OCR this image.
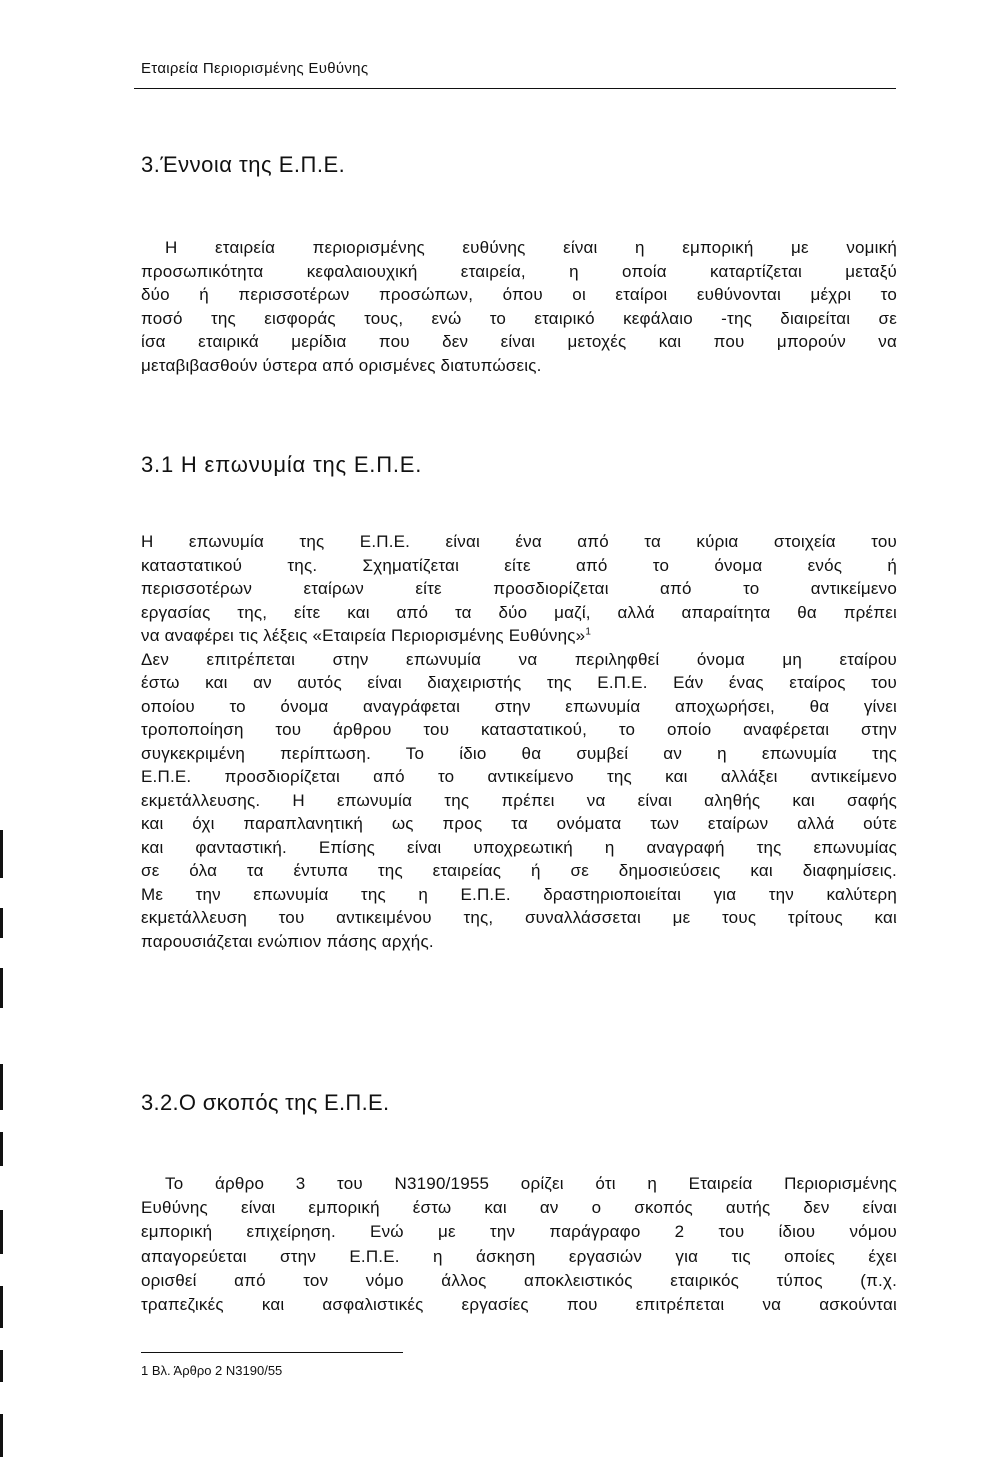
Εταιρεία Περιορισμένης Ευθύνης
3.Έννοια της Ε.Π.Ε.
Η εταιρεία περιορισμένης ευθύνης είναι η εμπορική με νομική
προσωπικότητα κεφαλαιουχική εταιρεία, η οποία καταρτίζεται μεταξύ
δύο ή περισσοτέρων προσώπων, όπου οι εταίροι ευθύνονται μέχρι το
ποσό της εισφοράς τους, ενώ το εταιρικό κεφάλαιο -της διαιρείται σε
ίσα εταιρικά μερίδια που δεν είναι μετοχές και που μπορούν να
μεταβιβασθούν ύστερα από ορισμένες διατυπώσεις.
3.1 Η επωνυμία της Ε.Π.Ε.
Η επωνυμία της Ε.Π.Ε. είναι ένα από τα κύρια στοιχεία του
καταστατικού της. Σχηματίζεται είτε από το όνομα ενός ή
περισσοτέρων εταίρων είτε προσδιορίζεται από το αντικείμενο
εργασίας της, είτε και από τα δύο μαζί, αλλά απαραίτητα θα πρέπει
να αναφέρει τις λέξεις «Εταιρεία Περιορισμένης Ευθύνης»$^1$
Δεν επιτρέπεται στην επωνυμία να περιληφθεί όνομα μη εταίρου
έστω και αν αυτός είναι διαχειριστής της Ε.Π.Ε. Εάν ένας εταίρος του
οποίου το όνομα αναγράφεται στην επωνυμία αποχωρήσει, θα γίνει
τροποποίηση του άρθρου του καταστατικού, το οποίο αναφέρεται στην
συγκεκριμένη περίπτωση. Το ίδιο θα συμβεί αν η επωνυμία της
Ε.Π.Ε. προσδιορίζεται από το αντικείμενο της και αλλάξει αντικείμενο
εκμετάλλευσης. Η επωνυμία της πρέπει να είναι αληθής και σαφής
και όχι παραπλανητική ως προς τα ονόματα των εταίρων αλλά ούτε
και φανταστική. Επίσης είναι υποχρεωτική η αναγραφή της επωνυμίας
σε όλα τα έντυπα της εταιρείας ή σε δημοσιεύσεις και διαφημίσεις.
Με την επωνυμία της η Ε.Π.Ε. δραστηριοποιείται για την καλύτερη
εκμετάλλευση του αντικειμένου της, συναλλάσσεται με τους τρίτους και
παρουσιάζεται ενώπιον πάσης αρχής.
3.2.Ο σκοπός της Ε.Π.Ε.
Το άρθρο 3 του Ν3190/1955 ορίζει ότι η Εταιρεία Περιορισμένης
Ευθύνης είναι εμπορική έστω και αν ο σκοπός αυτής δεν είναι
εμπορική επιχείρηση. Ενώ με την παράγραφο 2 του ίδιου νόμου
απαγορεύεται στην Ε.Π.Ε. η άσκηση εργασιών για τις οποίες έχει
ορισθεί από τον νόμο άλλος αποκλειστικός εταιρικός τύπος (π.χ.
τραπεζικές και ασφαλιστικές εργασίες που επιτρέπεται να ασκούνται
1 Βλ. Άρθρο 2 Ν3190/55
